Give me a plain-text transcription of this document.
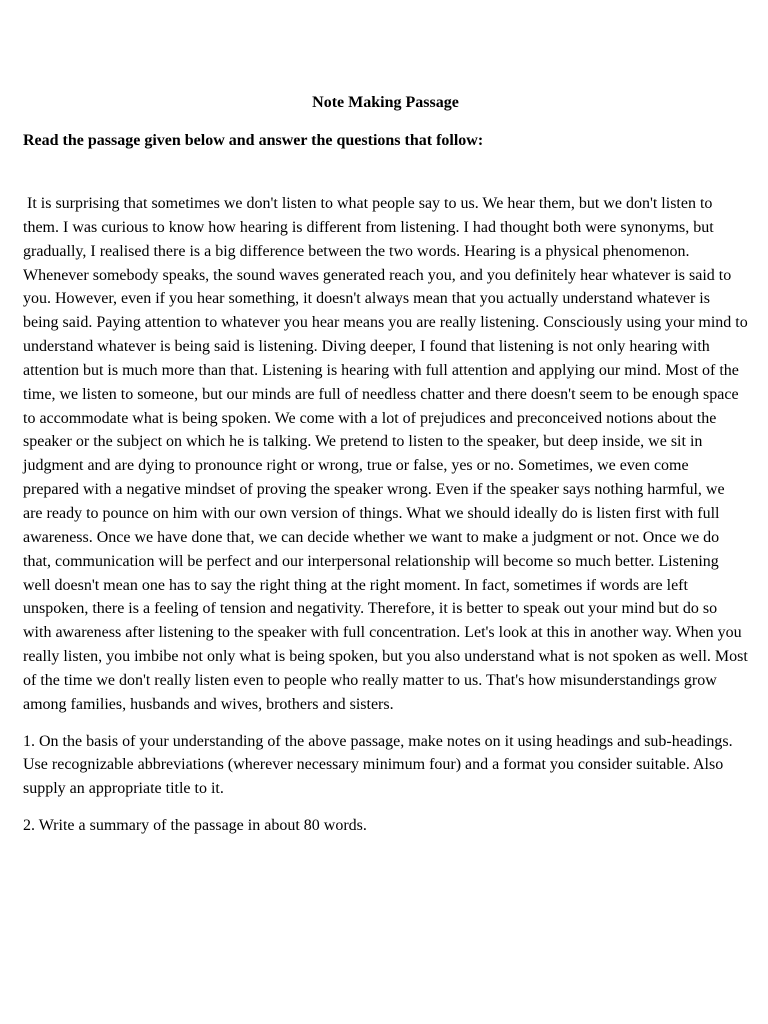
Note Making Passage
Read the passage given below and answer the questions that follow:
It is surprising that sometimes we don't listen to what people say to us. We hear them, but we don't listen to them. I was curious to know how hearing is different from listening. I had thought both were synonyms, but gradually, I realised there is a big difference between the two words. Hearing is a physical phenomenon. Whenever somebody speaks, the sound waves generated reach you, and you definitely hear whatever is said to you. However, even if you hear something, it doesn't always mean that you actually understand whatever is being said. Paying attention to whatever you hear means you are really listening. Consciously using your mind to understand whatever is being said is listening. Diving deeper, I found that listening is not only hearing with attention but is much more than that. Listening is hearing with full attention and applying our mind. Most of the time, we listen to someone, but our minds are full of needless chatter and there doesn't seem to be enough space to accommodate what is being spoken. We come with a lot of prejudices and preconceived notions about the speaker or the subject on which he is talking. We pretend to listen to the speaker, but deep inside, we sit in judgment and are dying to pronounce right or wrong, true or false, yes or no. Sometimes, we even come prepared with a negative mindset of proving the speaker wrong. Even if the speaker says nothing harmful, we are ready to pounce on him with our own version of things. What we should ideally do is listen first with full awareness. Once we have done that, we can decide whether we want to make a judgment or not. Once we do that, communication will be perfect and our interpersonal relationship will become so much better. Listening well doesn't mean one has to say the right thing at the right moment. In fact, sometimes if words are left unspoken, there is a feeling of tension and negativity. Therefore, it is better to speak out your mind but do so with awareness after listening to the speaker with full concentration. Let's look at this in another way. When you really listen, you imbibe not only what is being spoken, but you also understand what is not spoken as well. Most of the time we don't really listen even to people who really matter to us. That's how misunderstandings grow among families, husbands and wives, brothers and sisters.
1. On the basis of your understanding of the above passage, make notes on it using headings and sub-headings. Use recognizable abbreviations (wherever necessary minimum four) and a format you consider suitable. Also supply an appropriate title to it.
2. Write a summary of the passage in about 80 words.
